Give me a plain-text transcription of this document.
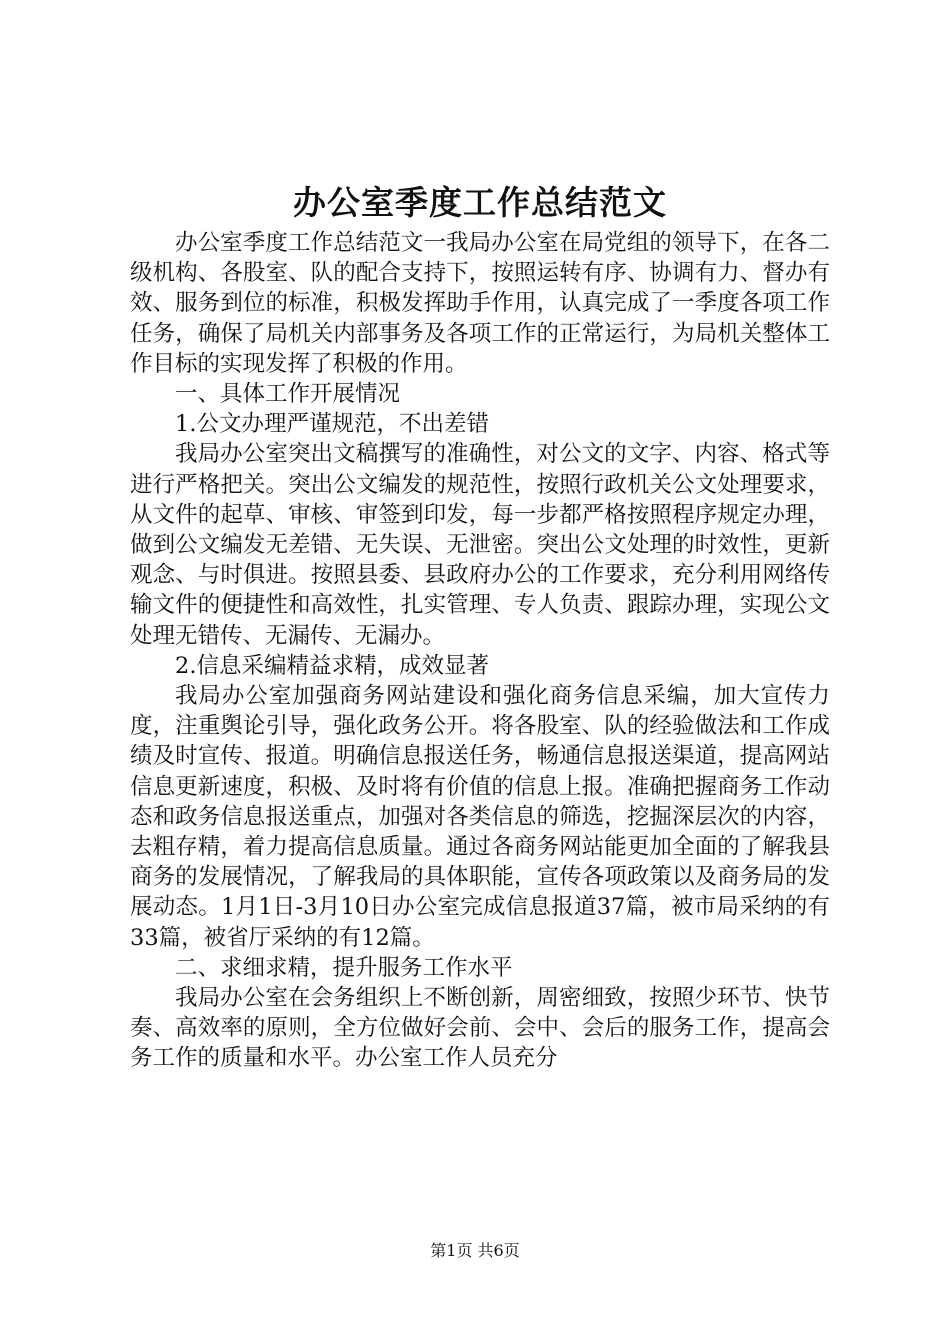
办公室季度工作总结范文

办公室季度工作总结范文一我局办公室在局党组的领导下，在各二级机构、各股室、队的配合支持下，按照运转有序、协调有力、督办有效、服务到位的标准，积极发挥助手作用，认真完成了一季度各项工作任务，确保了局机关内部事务及各项工作的正常运行，为局机关整体工作目标的实现发挥了积极的作用。

一、具体工作开展情况

1.公文办理严谨规范，不出差错

我局办公室突出文稿撰写的准确性，对公文的文字、内容、格式等进行严格把关。突出公文编发的规范性，按照行政机关公文处理要求，从文件的起草、审核、审签到印发，每一步都严格按照程序规定办理，做到公文编发无差错、无失误、无泄密。突出公文处理的时效性，更新观念、与时俱进。按照县委、县政府办公的工作要求，充分利用网络传输文件的便捷性和高效性，扎实管理、专人负责、跟踪办理，实现公文处理无错传、无漏传、无漏办。

2.信息采编精益求精，成效显著

我局办公室加强商务网站建设和强化商务信息采编，加大宣传力度，注重舆论引导，强化政务公开。将各股室、队的经验做法和工作成绩及时宣传、报道。明确信息报送任务，畅通信息报送渠道，提高网站信息更新速度，积极、及时将有价值的信息上报。准确把握商务工作动态和政务信息报送重点，加强对各类信息的筛选，挖掘深层次的内容，去粗存精，着力提高信息质量。通过各商务网站能更加全面的了解我县商务的发展情况，了解我局的具体职能，宣传各项政策以及商务局的发展动态。1月1日-3月10日办公室完成信息报道37篇，被市局采纳的有33篇，被省厅采纳的有12篇。

二、求细求精，提升服务工作水平

我局办公室在会务组织上不断创新，周密细致，按照少环节、快节奏、高效率的原则，全方位做好会前、会中、会后的服务工作，提高会务工作的质量和水平。办公室工作人员充分

第1页 共6页
